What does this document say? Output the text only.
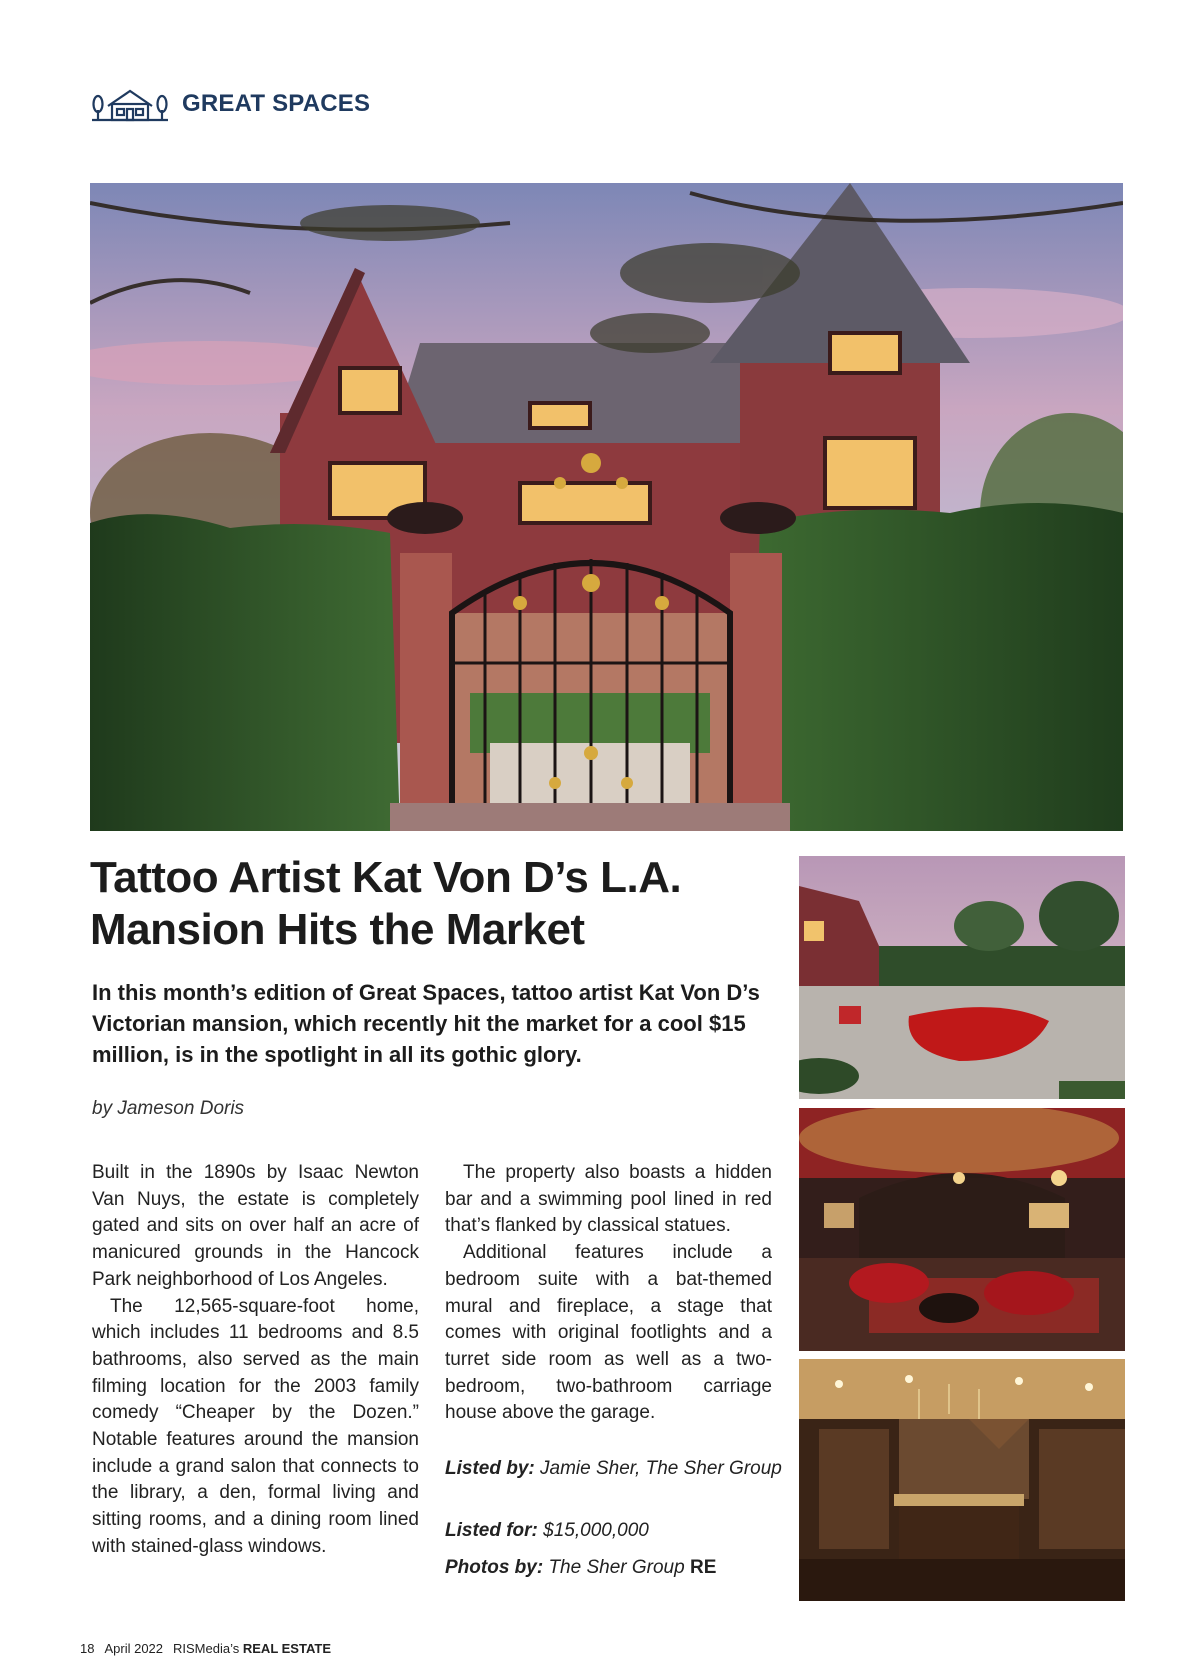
GREAT SPACES
Tattoo Artist Kat Von D’s L.A.
Mansion Hits the Market
In this month’s edition of Great Spaces, tattoo artist Kat Von D’s Victorian mansion, which recently hit the market for a cool $15 million, is in the spotlight in all its gothic glory.
by Jameson Doris

Built in the 1890s by Isaac Newton Van Nuys, the estate is completely gated and sits on over half an acre of manicured grounds in the Hancock Park neighborhood of Los Angeles.

The 12,565-square-foot home, which includes 11 bedrooms and 8.5 bathrooms, also served as the main filming location for the 2003 family comedy “Cheaper by the Dozen.” Notable features around the mansion include a grand salon that connects to the library, a den, formal living and sitting rooms, and a dining room lined with stained-glass windows.

The property also boasts a hidden bar and a swimming pool lined in red that’s flanked by classical statues.

Additional features include a bedroom suite with a bat-themed mural and fireplace, a stage that comes with original footlights and a turret side room as well as a two-bedroom, two-bathroom carriage house above the garage.

Listed by: Jamie Sher, The Sher Group
Listed for: $15,000,000
Photos by: The Sher Group RE
18 April 2022 RISMedia’s REAL ESTATE
